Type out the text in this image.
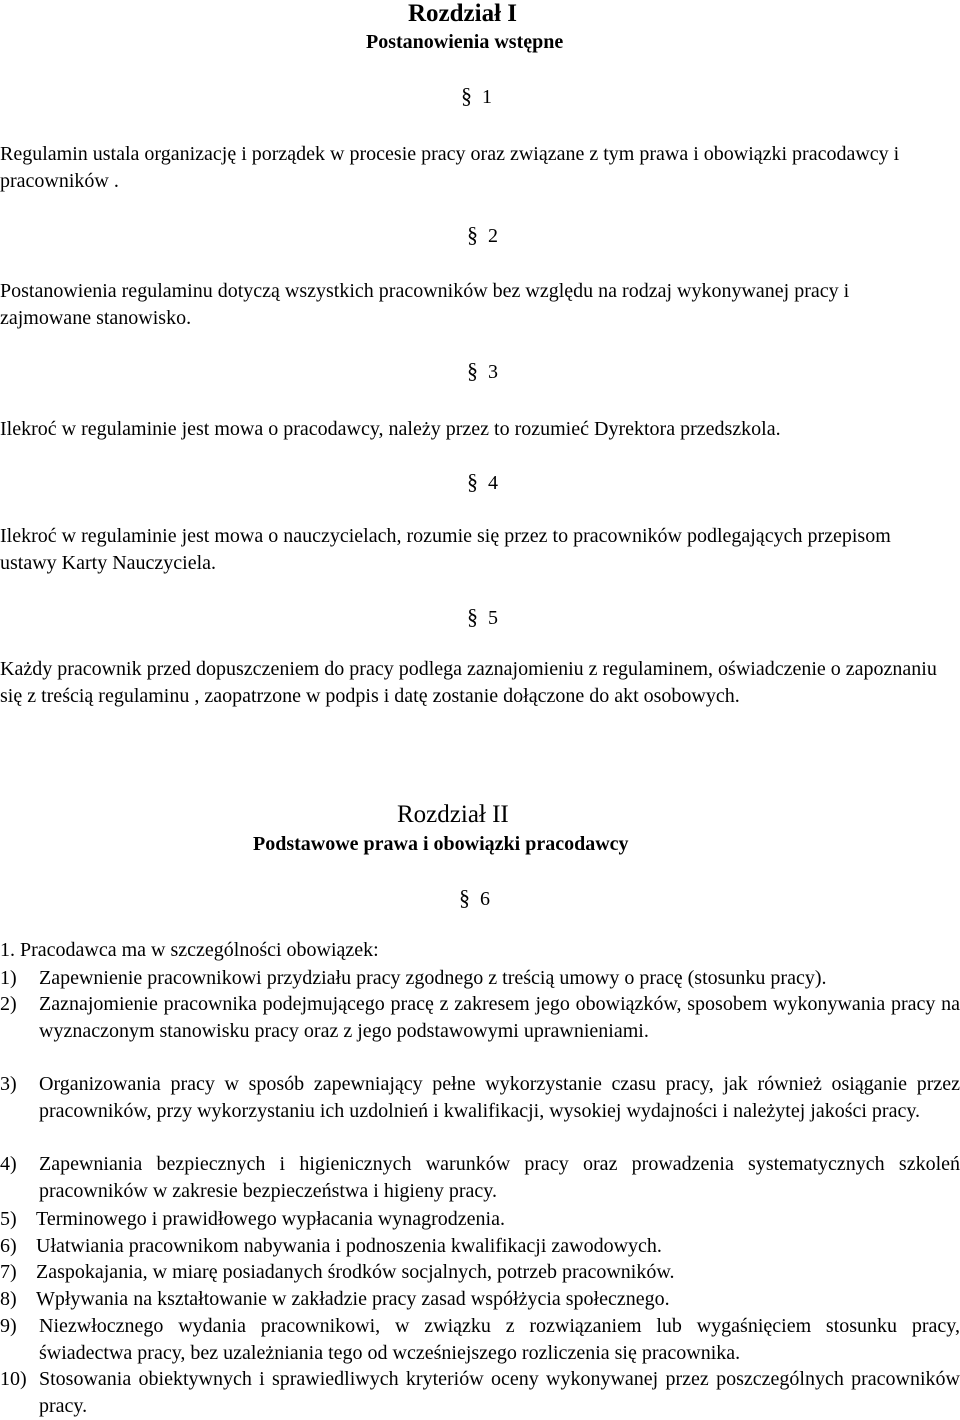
Rozdział I
Postanowienia wstępne
§ 1
Regulamin ustala organizację i porządek w procesie pracy oraz związane z tym prawa i obowiązki pracodawcy i pracowników .
§ 2
Postanowienia regulaminu dotyczą wszystkich pracowników bez względu na rodzaj wykonywanej pracy i zajmowane stanowisko.
§ 3
Ilekroć w regulaminie jest mowa o pracodawcy, należy przez to rozumieć Dyrektora przedszkola.
§ 4
Ilekroć w regulaminie jest mowa o nauczycielach, rozumie się przez to pracowników podlegających przepisom ustawy Karty Nauczyciela.
§ 5
Każdy pracownik przed dopuszczeniem do pracy podlega zaznajomieniu z regulaminem, oświadczenie o zapoznaniu się z treścią regulaminu , zaopatrzone w podpis i datę zostanie dołączone do akt osobowych.
Rozdział II
Podstawowe prawa i obowiązki pracodawcy
§ 6
1. Pracodawca ma w szczególności obowiązek:
1) Zapewnienie pracownikowi przydziału pracy zgodnego z treścią umowy o pracę (stosunku pracy).
2) Zaznajomienie pracownika podejmującego pracę z zakresem jego obowiązków, sposobem wykonywania pracy na wyznaczonym stanowisku pracy oraz z jego podstawowymi uprawnieniami.
3) Organizowania pracy w sposób zapewniający pełne wykorzystanie czasu pracy, jak również osiąganie przez pracowników, przy wykorzystaniu ich uzdolnień i kwalifikacji, wysokiej wydajności i należytej jakości pracy.
4) Zapewniania bezpiecznych i higienicznych warunków pracy oraz prowadzenia systematycznych szkoleń pracowników w zakresie bezpieczeństwa i higieny pracy.
5) Terminowego i prawidłowego wypłacania wynagrodzenia.
6) Ułatwiania pracownikom nabywania i podnoszenia kwalifikacji zawodowych.
7) Zaspokajania, w miarę posiadanych środków socjalnych, potrzeb pracowników.
8) Wpływania na kształtowanie w zakładzie pracy zasad współżycia społecznego.
9) Niezwłocznego wydania pracownikowi, w związku z rozwiązaniem lub wygaśnięciem stosunku pracy, świadectwa pracy, bez uzależniania tego od wcześniejszego rozliczenia się pracownika.
10) Stosowania obiektywnych i sprawiedliwych kryteriów oceny wykonywanej przez poszczególnych pracowników pracy.
